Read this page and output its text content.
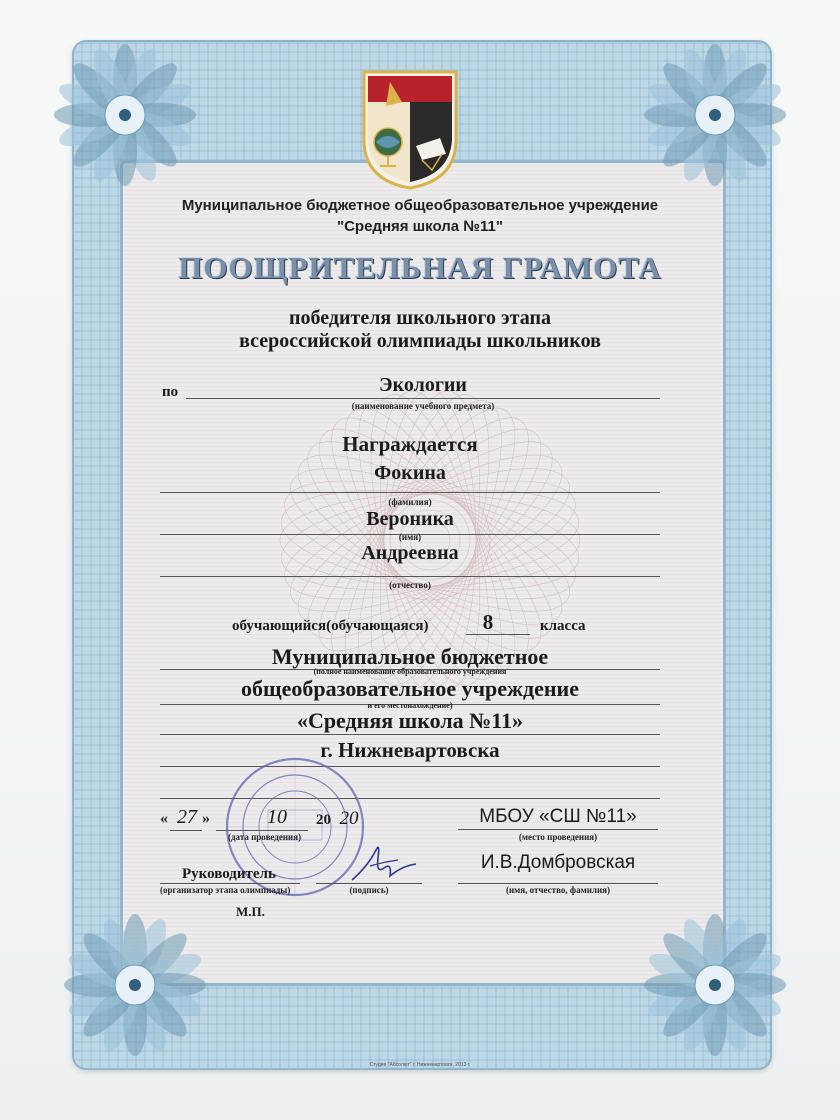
Муниципальное бюджетное общеобразовательное учреждение
"Средняя школа №11"
ПООЩРИТЕЛЬНАЯ ГРАМОТА
победителя школьного этапа
всероссийской олимпиады школьников
по	Экологии
(наименование учебного предмета)
Награждается
Фокина
(фамилия)
Вероника
(имя)
Андреевна
(отчество)
обучающийся(обучающаяся)	8	класса
Муниципальное бюджетное
(полное наименование образовательного учреждения
общеобразовательное учреждение
и его местонахождение)
«Средняя школа №11»
г. Нижневартовска
« 27 »	10	20 20
(дата проведения)
МБОУ «СШ №11»
(место проведения)
Руководитель
(организатор этапа олимпиады)	(подпись)
И.В.Домбровская
(имя, отчество, фамилия)
М.П.
Студия "Абсолют" г. Нижневартовск, 2013 г.
